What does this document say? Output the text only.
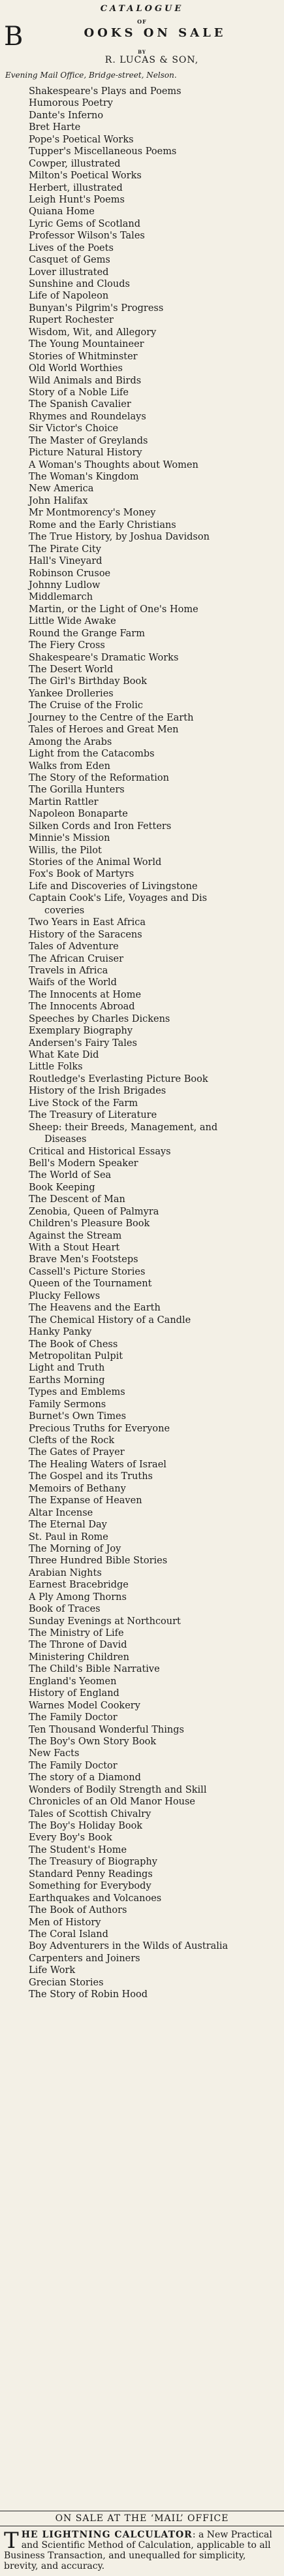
CATALOGUE
OF
B	OOKS ON SALE
BY
R. LUCAS & SON,
Evening Mail Office, Bridge-street, Nelson.
Shakespeare's Plays and Poems
Humorous Poetry
Dante's Inferno
Bret Harte
Pope's Poetical Works
Tupper's Miscellaneous Poems
Cowper, illustrated
Milton's Poetical Works
Herbert, illustrated
Leigh Hunt's Poems
Quiana Home
Lyric Gems of Scotland
Professor Wilson's Tales
Lives of the Poets
Casquet of Gems
Lover illustrated
Sunshine and Clouds
Life of Napoleon
Bunyan's Pilgrim's Progress
Rupert Rochester
Wisdom, Wit, and Allegory
The Young Mountaineer
Stories of Whitminster
Old World Worthies
Wild Animals and Birds
Story of a Noble Life
The Spanish Cavalier
Rhymes and Roundelays
Sir Victor's Choice
The Master of Greylands
Picture Natural History
A Woman's Thoughts about Women
The Woman's Kingdom
New America
John Halifax
Mr Montmorency's Money
Rome and the Early Christians
The True History, by Joshua Davidson
The Pirate City
Hall's Vineyard
Robinson Crusoe
Johnny Ludlow
Middlemarch
Martin, or the Light of One's Home
Little Wide Awake
Round the Grange Farm
The Fiery Cross
Shakespeare's Dramatic Works
The Desert World
The Girl's Birthday Book
Yankee Drolleries
The Cruise of the Frolic
Journey to the Centre of the Earth
Tales of Heroes and Great Men
Among the Arabs
Light from the Catacombs
Walks from Eden
The Story of the Reformation
The Gorilla Hunters
Martin Rattler
Napoleon Bonaparte
Silken Cords and Iron Fetters
Minnie's Mission
Willis, the Pilot
Stories of the Animal World
Fox's Book of Martyrs
Life and Discoveries of Livingstone
Captain Cook's Life, Voyages and Dis
coveries
Two Years in East Africa
History of the Saracens
Tales of Adventure
The African Cruiser
Travels in Africa
Waifs of the World
The Innocents at Home
The Innocents Abroad
Speeches by Charles Dickens
Exemplary Biography
Andersen's Fairy Tales
What Kate Did
Little Folks
Routledge's Everlasting Picture Book
History of the Irish Brigades
Live Stock of the Farm
The Treasury of Literature
Sheep: their Breeds, Management, and
Diseases
Critical and Historical Essays
Bell's Modern Speaker
The World of Sea
Book Keeping
The Descent of Man
Zenobia, Queen of Palmyra
Children's Pleasure Book
Against the Stream
With a Stout Heart
Brave Men's Footsteps
Cassell's Picture Stories
Queen of the Tournament
Plucky Fellows
The Heavens and the Earth
The Chemical History of a Candle
Hanky Panky
The Book of Chess
Metropolitan Pulpit
Light and Truth
Earths Morning
Types and Emblems
Family Sermons
Burnet's Own Times
Precious Truths for Everyone
Clefts of the Rock
The Gates of Prayer
The Healing Waters of Israel
The Gospel and its Truths
Memoirs of Bethany
The Expanse of Heaven
Altar Incense
The Eternal Day
St. Paul in Rome
The Morning of Joy
Three Hundred Bible Stories
Arabian Nights
Earnest Bracebridge
A Ply Among Thorns
Book of Traces
Sunday Evenings at Northcourt
The Ministry of Life
The Throne of David
Ministering Children
The Child's Bible Narrative
England's Yeomen
History of England
Warnes Model Cookery
The Family Doctor
Ten Thousand Wonderful Things
The Boy's Own Story Book
New Facts
The Family Doctor
The story of a Diamond
Wonders of Bodily Strength and Skill
Chronicles of an Old Manor House
Tales of Scottish Chivalry
The Boy's Holiday Book
Every Boy's Book
The Student's Home
The Treasury of Biography
Standard Penny Readings
Something for Everybody
Earthquakes and Volcanoes
The Book of Authors
Men of History
The Coral Island
Boy Adventurers in the Wilds of Australia
Carpenters and Joiners
Life Work
Grecian Stories
The Story of Robin Hood
ON SALE AT THE ‘MAIL’ OFFICE
THE LIGHTNING CALCULATOR: a New Practical and Scientific Method of Calculation, applicable to all Business Transaction, and unequalled for simplicity, brevity, and accuracy.
